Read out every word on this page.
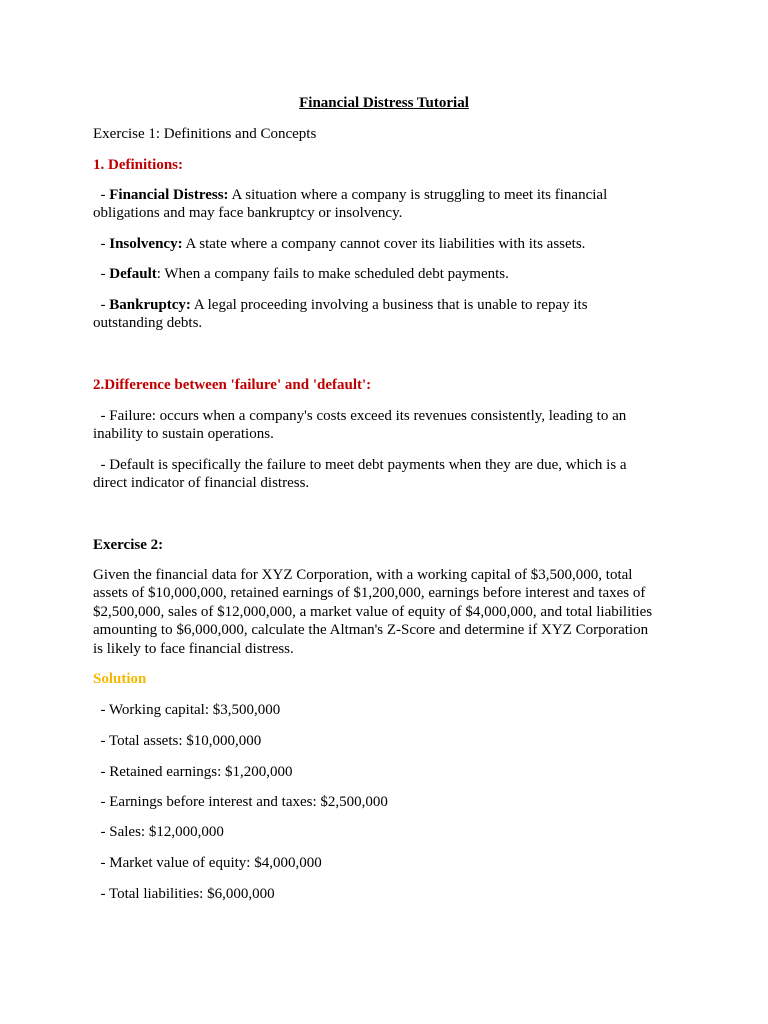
Financial Distress Tutorial

Exercise 1: Definitions and Concepts

1. Definitions:

- Financial Distress: A situation where a company is struggling to meet its financial

obligations and may face bankruptcy or insolvency.

- Insolvency: A state where a company cannot cover its liabilities with its assets.

- Default: When a company fails to make scheduled debt payments.

- Bankruptcy: A legal proceeding involving a business that is unable to repay its

outstanding debts.

2.Difference between 'failure' and 'default':

- Failure: occurs when a company's costs exceed its revenues consistently, leading to an

inability to sustain operations.

- Default is specifically the failure to meet debt payments when they are due, which is a

direct indicator of financial distress.

Exercise 2:

Given the financial data for XYZ Corporation, with a working capital of $3,500,000, total

assets of $10,000,000, retained earnings of $1,200,000, earnings before interest and taxes of

$2,500,000, sales of $12,000,000, a market value of equity of $4,000,000, and total liabilities

amounting to $6,000,000, calculate the Altman's Z-Score and determine if XYZ Corporation

is likely to face financial distress.

Solution

- Working capital: $3,500,000

- Total assets: $10,000,000

- Retained earnings: $1,200,000

- Earnings before interest and taxes: $2,500,000

- Sales: $12,000,000

- Market value of equity: $4,000,000

- Total liabilities: $6,000,000
